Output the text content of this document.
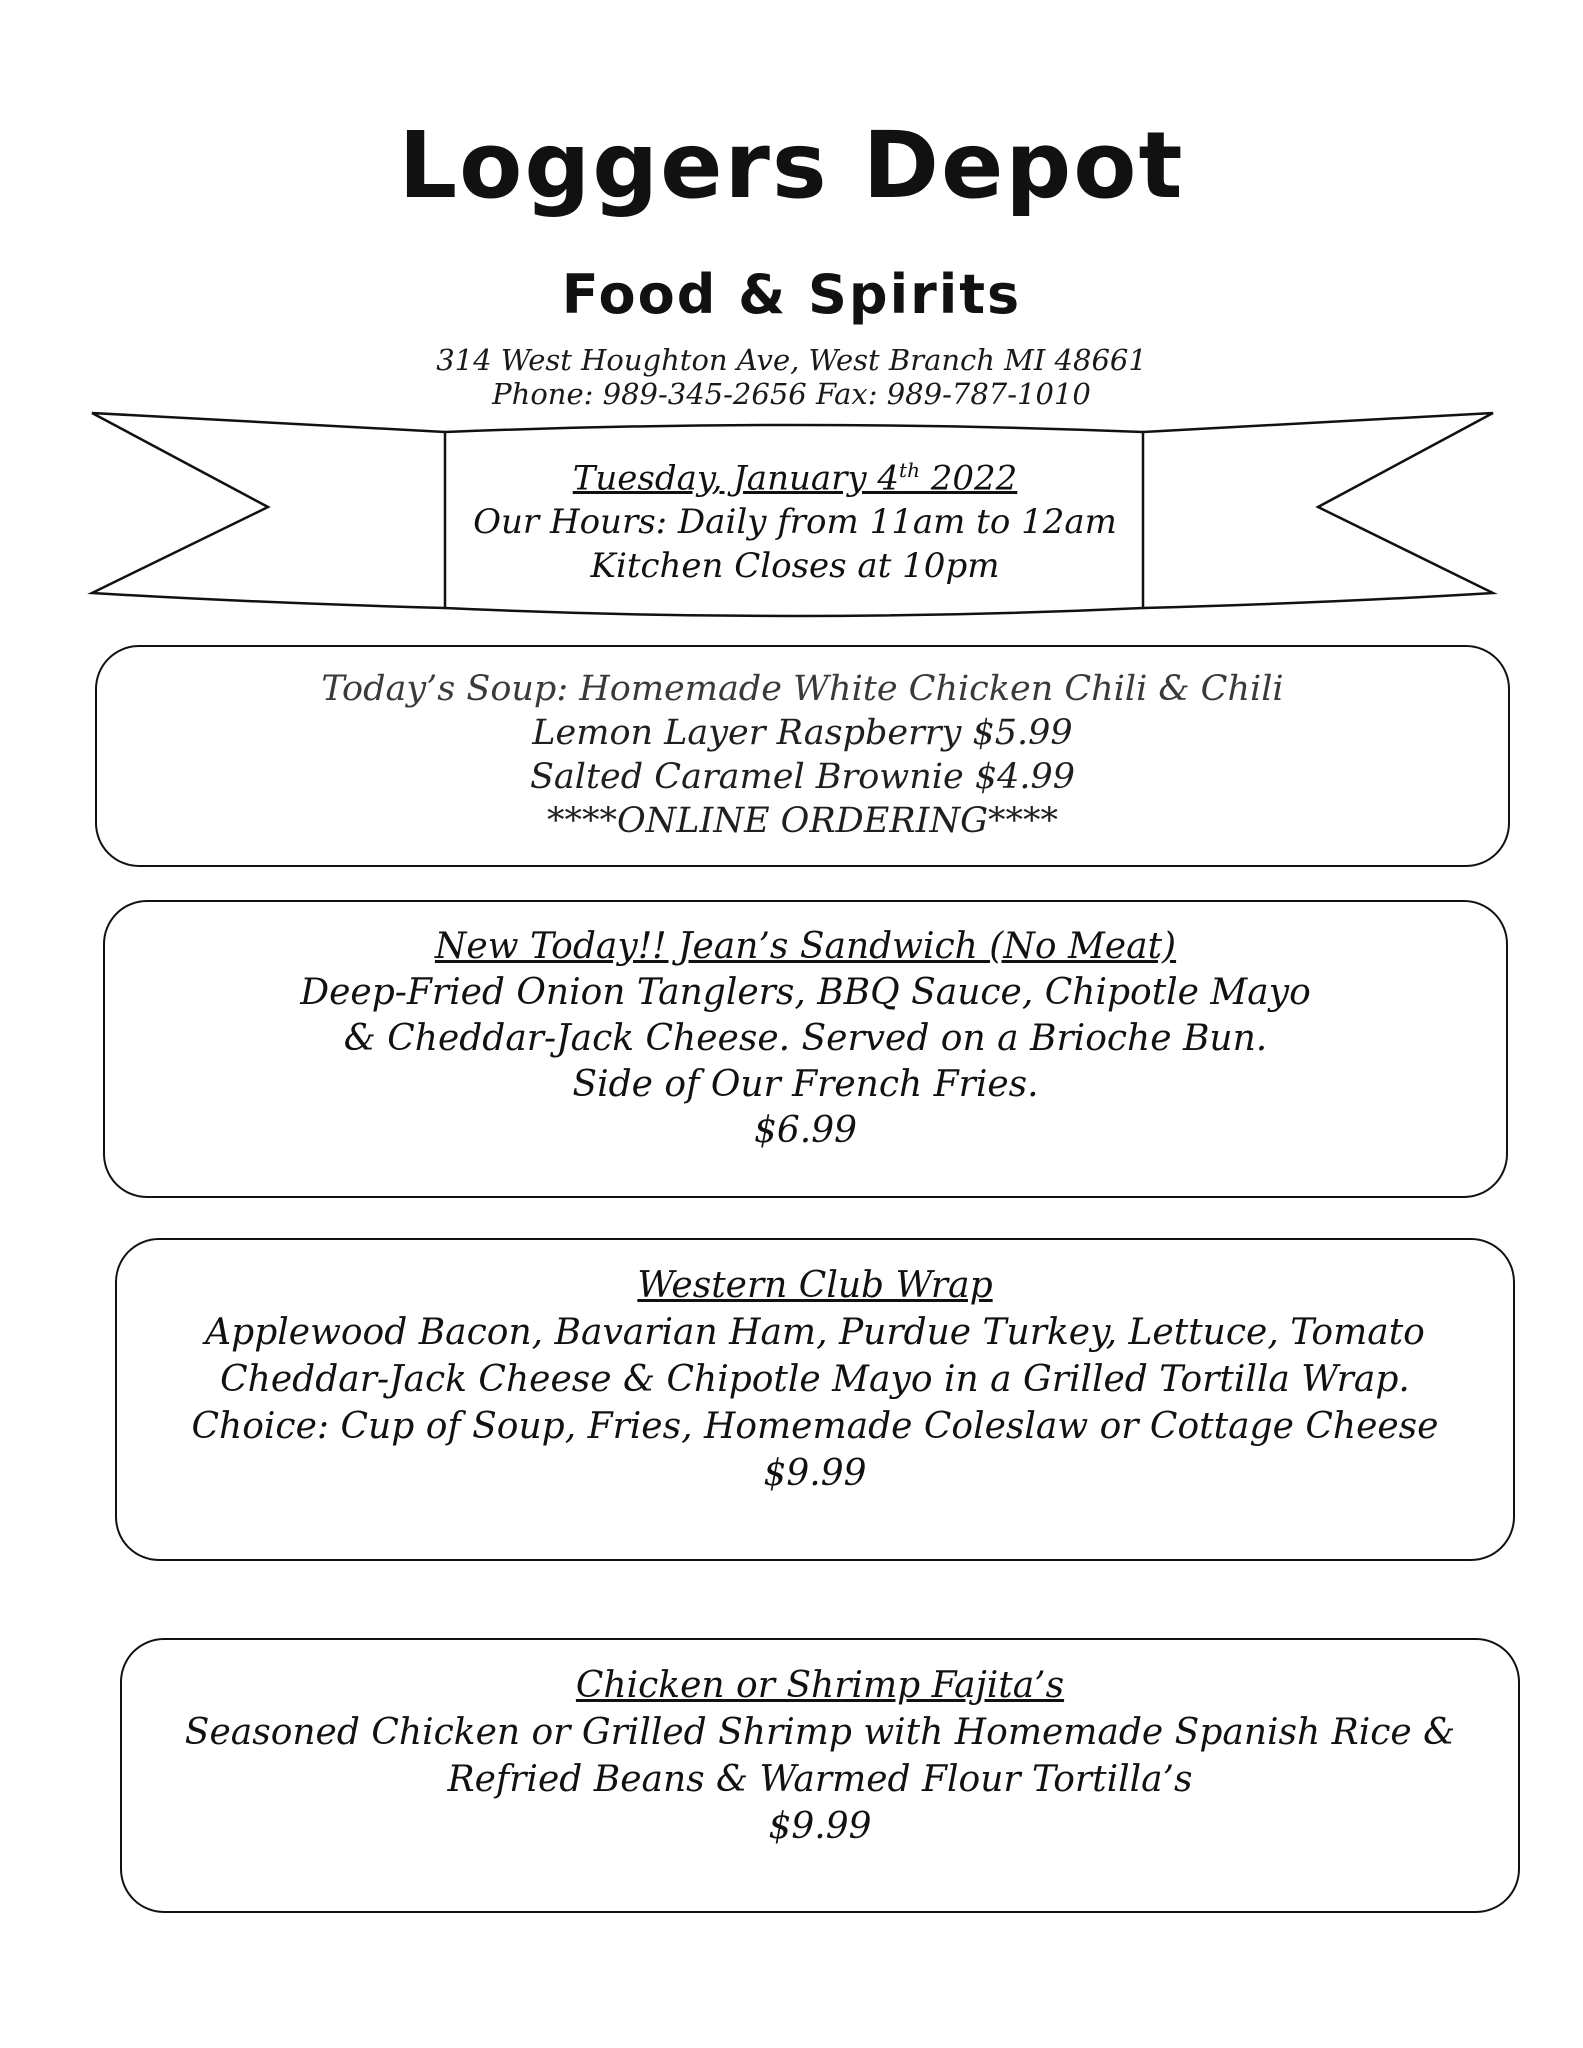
Loggers Depot
Food & Spirits
314 West Houghton Ave, West Branch MI 48661
Phone: 989-345-2656 Fax: 989-787-1010
Tuesday, January 4th 2022
Our Hours: Daily from 11am to 12am
Kitchen Closes at 10pm

Today’s Soup: Homemade White Chicken Chili & Chili

Lemon Layer Raspberry $5.99

Salted Caramel Brownie $4.99

****ONLINE ORDERING****

New Today!! Jean’s Sandwich (No Meat)

Deep-Fried Onion Tanglers, BBQ Sauce, Chipotle Mayo

& Cheddar-Jack Cheese. Served on a Brioche Bun.

Side of Our French Fries.

$6.99

Western Club Wrap

Applewood Bacon, Bavarian Ham, Purdue Turkey, Lettuce, Tomato

Cheddar-Jack Cheese & Chipotle Mayo in a Grilled Tortilla Wrap.

Choice: Cup of Soup, Fries, Homemade Coleslaw or Cottage Cheese

$9.99

Chicken or Shrimp Fajita’s

Seasoned Chicken or Grilled Shrimp with Homemade Spanish Rice &

Refried Beans & Warmed Flour Tortilla’s

$9.99
